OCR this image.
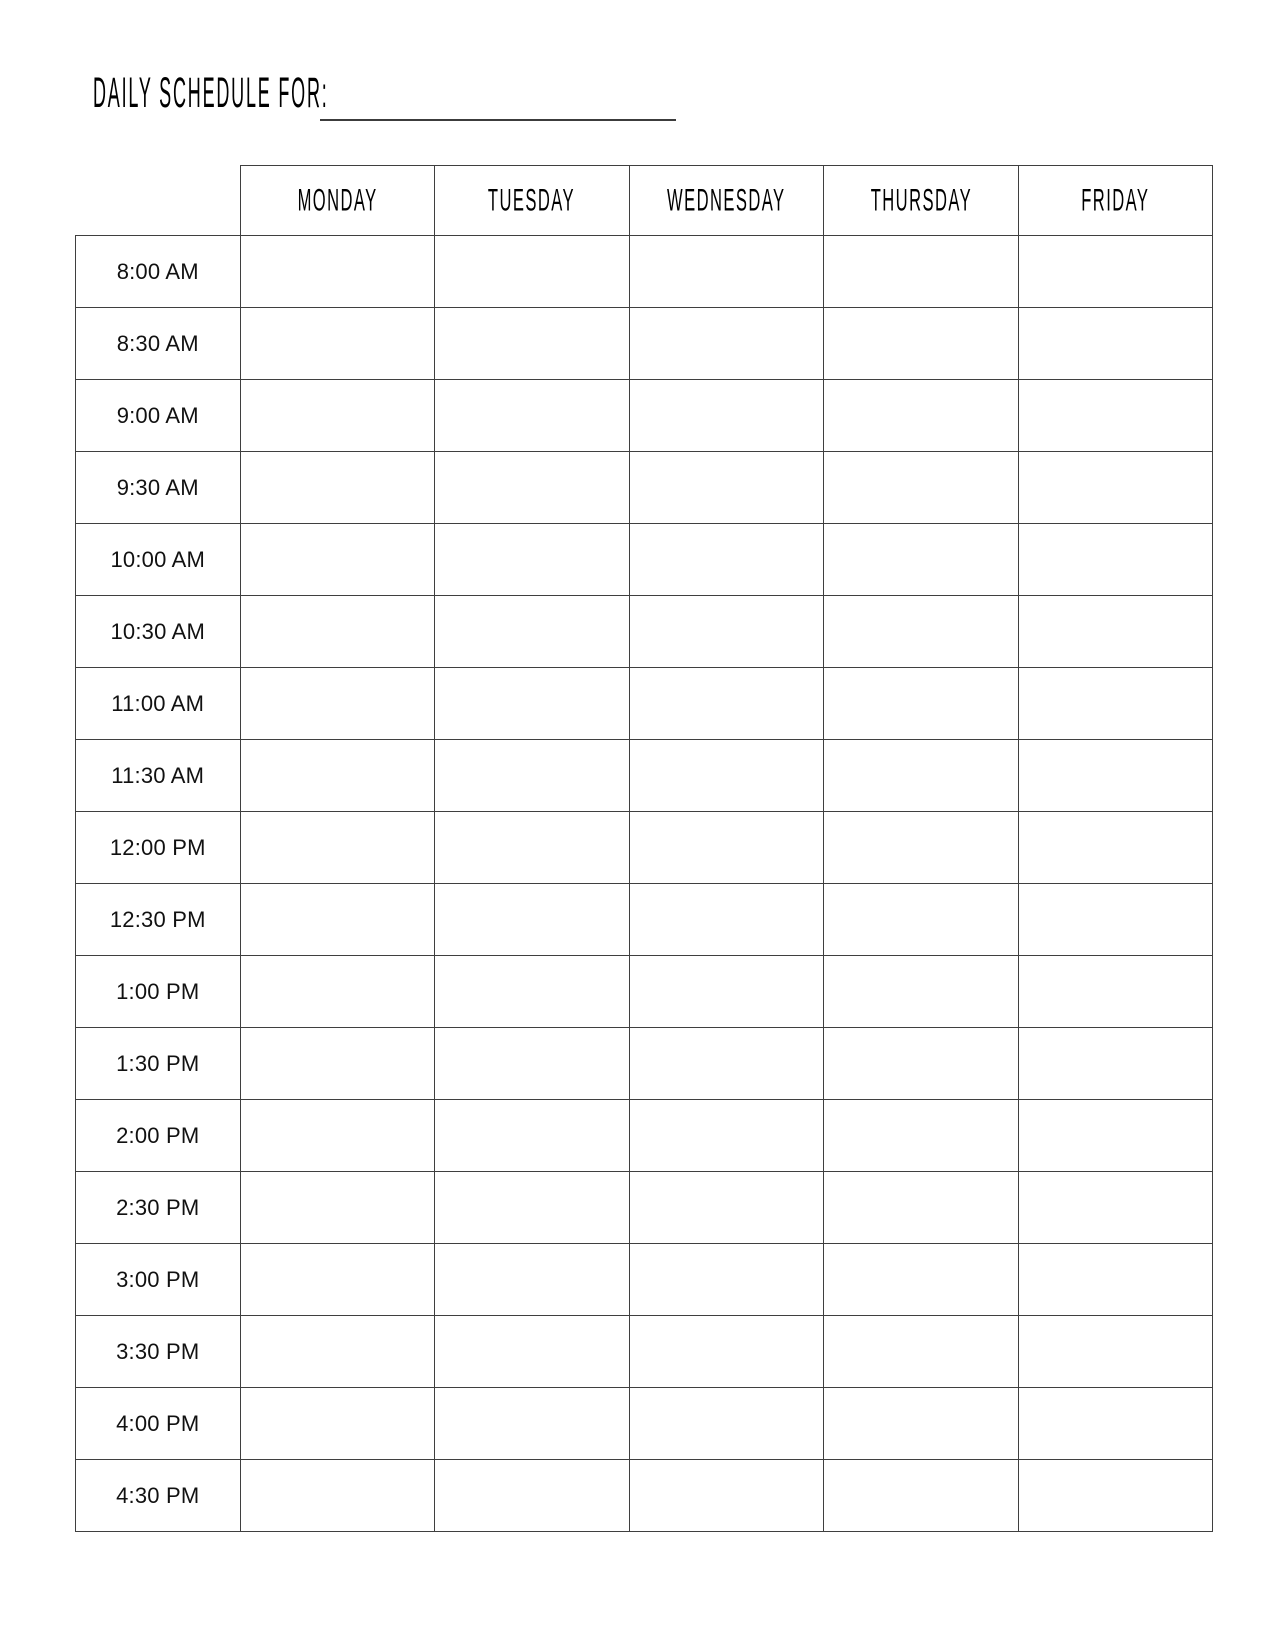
DAILY SCHEDULE FOR:
	MONDAY	TUESDAY	WEDNESDAY	THURSDAY	FRIDAY
8:00 AM					
8:30 AM					
9:00 AM					
9:30 AM					
10:00 AM					
10:30 AM					
11:00 AM					
11:30 AM					
12:00 PM					
12:30 PM					
1:00 PM					
1:30 PM					
2:00 PM					
2:30 PM					
3:00 PM					
3:30 PM					
4:00 PM					
4:30 PM					
